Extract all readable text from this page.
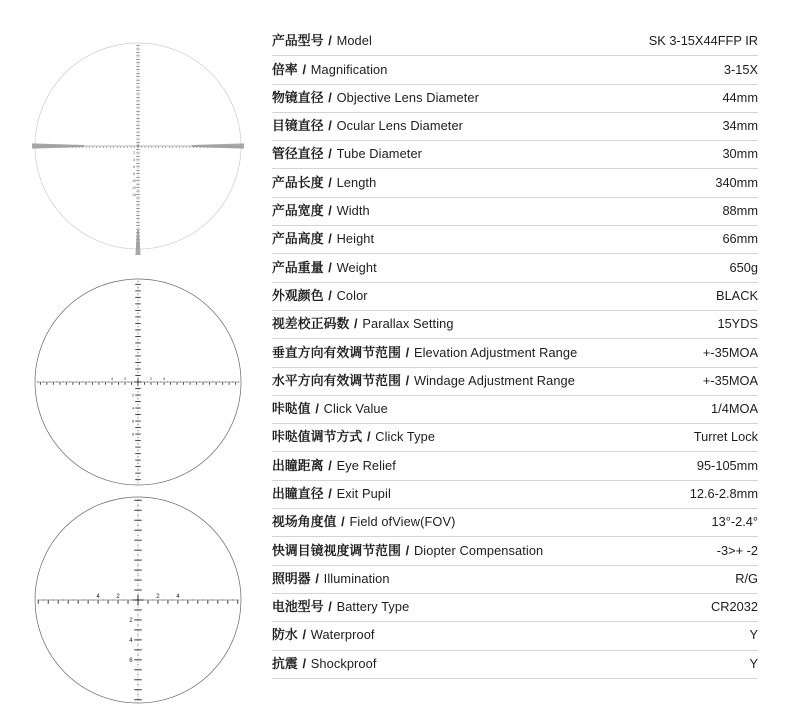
2
4
6
8
10
12
14
4	2	2	4
2
4
6
8
4	2	2	4
2
4
6
产品型号 / Model	SK 3-15X44FFP IR
倍率 / Magnification	3-15X
物镜直径 / Objective Lens Diameter	44mm
目镜直径 / Ocular Lens Diameter	34mm
管径直径 / Tube Diameter	30mm
产品长度 / Length	340mm
产品宽度 / Width	88mm
产品高度 / Height	66mm
产品重量 / Weight	650g
外观颜色 / Color	BLACK
视差校正码数 / Parallax Setting	15YDS
垂直方向有效调节范围 / Elevation Adjustment Range	+-35MOA
水平方向有效调节范围 / Windage Adjustment Range	+-35MOA
咔哒值 / Click Value	1/4MOA
咔哒值调节方式 / Click Type	Turret Lock
出瞳距离 / Eye Relief	95-105mm
出瞳直径 / Exit Pupil	12.6-2.8mm
视场角度值 / Field ofView(FOV)	13°-2.4°
快调目镜视度调节范围 / Diopter Compensation	-3>+ -2
照明器 / Illumination	R/G
电池型号 / Battery Type	CR2032
防水 / Waterproof	Y
抗震 / Shockproof	Y
